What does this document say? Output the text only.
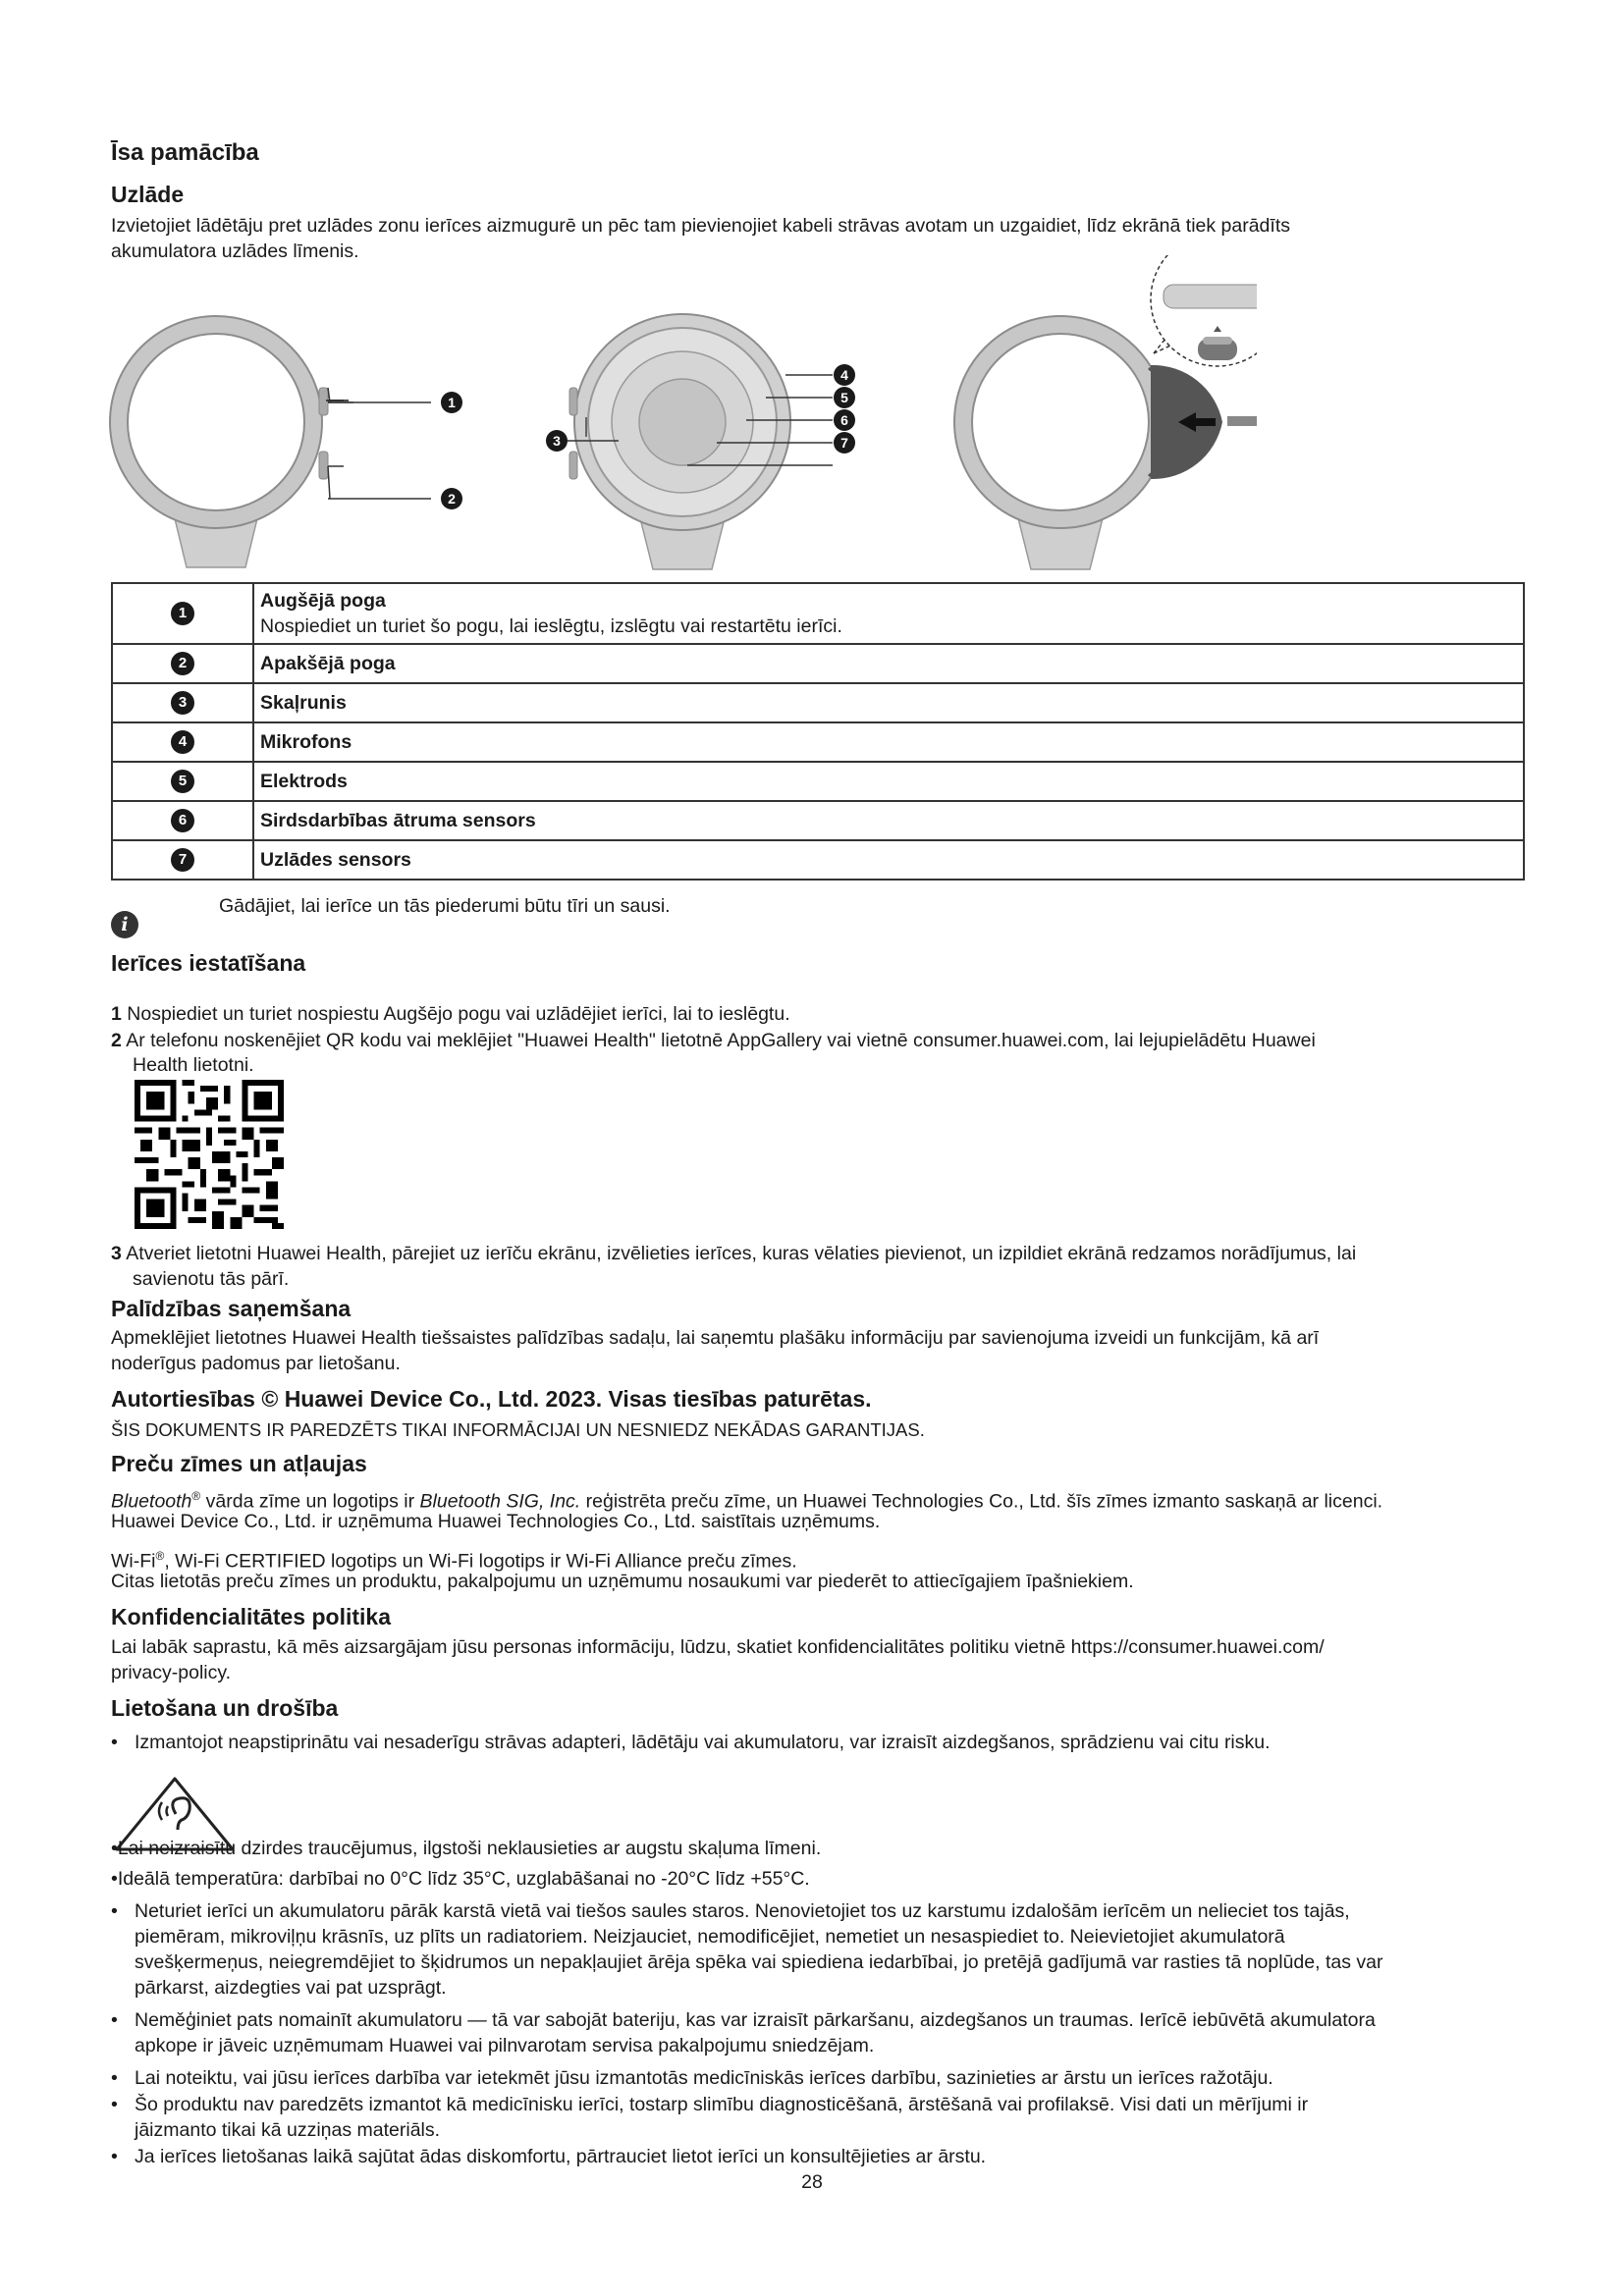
Īsa pamācība
Uzlāde
Izvietojiet lādētāju pret uzlādes zonu ierīces aizmugurē un pēc tam pievienojiet kabeli strāvas avotam un uzgaidiet, līdz ekrānā tiek parādīts
akumulatora uzlādes līmenis.
1
2
3
4
5
6
7
1	Augšējā poga
Nospiediet un turiet šo pogu, lai ieslēgtu, izslēgtu vai restartētu ierīci.

2	Apakšējā poga
3	Skaļrunis
4	Mikrofons
5	Elektrods
6	Sirdsdarbības ātruma sensors
7	Uzlādes sensors
i
Gādājiet, lai ierīce un tās piederumi būtu tīri un sausi.
Ierīces iestatīšana
1 Nospiediet un turiet nospiestu Augšējo pogu vai uzlādējiet ierīci, lai to ieslēgtu.
2 Ar telefonu noskenējiet QR kodu vai meklējiet "Huawei Health" lietotnē AppGallery vai vietnē consumer.huawei.com, lai lejupielādētu Huawei
Health lietotni.
3 Atveriet lietotni Huawei Health, pārejiet uz ierīču ekrānu, izvēlieties ierīces, kuras vēlaties pievienot, un izpildiet ekrānā redzamos norādījumus, lai
savienotu tās pārī.
Palīdzības saņemšana
Apmeklējiet lietotnes Huawei Health tiešsaistes palīdzības sadaļu, lai saņemtu plašāku informāciju par savienojuma izveidi un funkcijām, kā arī
noderīgus padomus par lietošanu.
Autortiesības © Huawei Device Co., Ltd. 2023. Visas tiesības paturētas.
ŠIS DOKUMENTS IR PAREDZĒTS TIKAI INFORMĀCIJAI UN NESNIEDZ NEKĀDAS GARANTIJAS.
Preču zīmes un atļaujas
Bluetooth® vārda zīme un logotips ir Bluetooth SIG, Inc. reģistrēta preču zīme, un Huawei Technologies Co., Ltd. šīs zīmes izmanto saskaņā ar licenci.
Huawei Device Co., Ltd. ir uzņēmuma Huawei Technologies Co., Ltd. saistītais uzņēmums.
Wi-Fi®, Wi-Fi CERTIFIED logotips un Wi-Fi logotips ir Wi-Fi Alliance preču zīmes.
Citas lietotās preču zīmes un produktu, pakalpojumu un uzņēmumu nosaukumi var piederēt to attiecīgajiem īpašniekiem.
Konfidencialitātes politika
Lai labāk saprastu, kā mēs aizsargājam jūsu personas informāciju, lūdzu, skatiet konfidencialitātes politiku vietnē https://consumer.huawei.com/
privacy-policy.
Lietošana un drošība
• Izmantojot neapstiprinātu vai nesaderīgu strāvas adapteri, lādētāju vai akumulatoru, var izraisīt aizdegšanos, sprādzienu vai citu risku.
•Lai neizraisītu dzirdes traucējumus, ilgstoši neklausieties ar augstu skaļuma līmeni.
•Ideālā temperatūra: darbībai no 0°C līdz 35°C, uzglabāšanai no -20°C līdz +55°C.
• Neturiet ierīci un akumulatoru pārāk karstā vietā vai tiešos saules staros. Nenovietojiet tos uz karstumu izdalošām ierīcēm un nelieciet tos tajās,
piemēram, mikroviļņu krāsnīs, uz plīts un radiatoriem. Neizjauciet, nemodificējiet, nemetiet un nesaspiediet to. Neievietojiet akumulatorā
svešķermeņus, neiegremdējiet to šķidrumos un nepakļaujiet ārēja spēka vai spiediena iedarbībai, jo pretējā gadījumā var rasties tā noplūde, tas var
pārkarst, aizdegties vai pat uzsprāgt.
• Neměģiniet pats nomainīt akumulatoru — tā var sabojāt bateriju, kas var izraisīt pārkaršanu, aizdegšanos un traumas. Ierīcē iebūvētā akumulatora
apkope ir jāveic uzņēmumam Huawei vai pilnvarotam servisa pakalpojumu sniedzējam.
• Lai noteiktu, vai jūsu ierīces darbība var ietekmēt jūsu izmantotās medicīniskās ierīces darbību, sazinieties ar ārstu un ierīces ražotāju.
• Šo produktu nav paredzēts izmantot kā medicīnisku ierīci, tostarp slimību diagnosticēšanā, ārstēšanā vai profilaksē. Visi dati un mērījumi ir
jāizmanto tikai kā uzziņas materiāls.
• Ja ierīces lietošanas laikā sajūtat ādas diskomfortu, pārtrauciet lietot ierīci un konsultējieties ar ārstu.
28
